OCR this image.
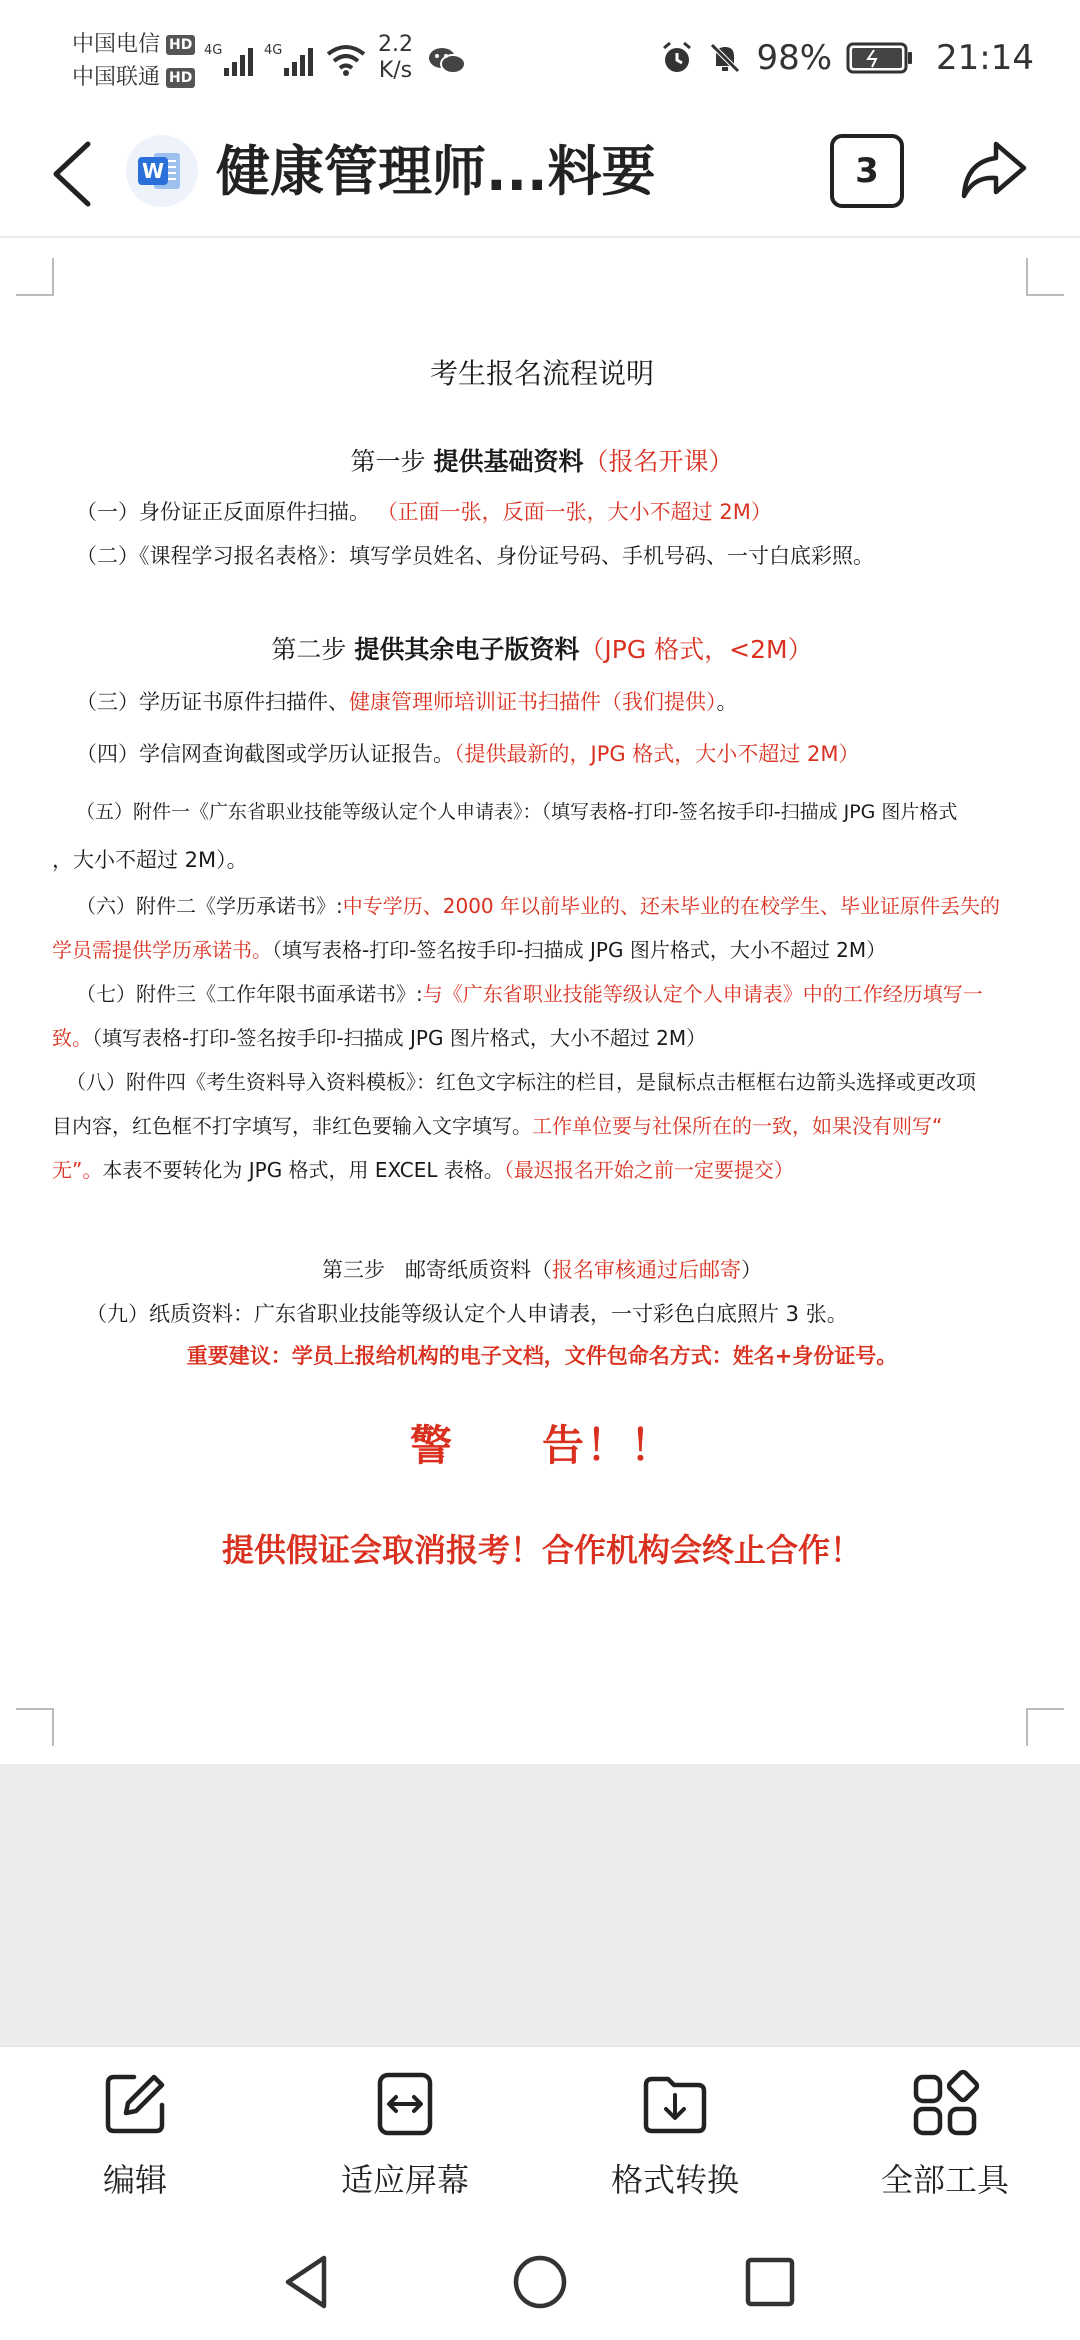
中国电信 HD
中国联通 HD
4G	4G	2.2
K/s	98%	21:14
W 健康管理师...料要	3
考生报名流程说明
第一步 提供基础资料（报名开课）
（一）身份证正反面原件扫描。 （正面一张，反面一张，大小不超过 2M）
（二）《课程学习报名表格》：填写学员姓名、身份证号码、手机号码、一寸白底彩照。
第二步 提供其余电子版资料（JPG 格式，<2M）
（三）学历证书原件扫描件、健康管理师培训证书扫描件（我们提供）。
（四）学信网查询截图或学历认证报告。（提供最新的，JPG 格式，大小不超过 2M）
（五）附件一《广东省职业技能等级认定个人申请表》：（填写表格-打印-签名按手印-扫描成 JPG 图片格式
，大小不超过 2M）。
（六）附件二《学历承诺书》:中专学历、2000 年以前毕业的、还未毕业的在校学生、毕业证原件丢失的
学员需提供学历承诺书。（填写表格-打印-签名按手印-扫描成 JPG 图片格式，大小不超过 2M）
（七）附件三《工作年限书面承诺书》:与《广东省职业技能等级认定个人申请表》中的工作经历填写一
致。（填写表格-打印-签名按手印-扫描成 JPG 图片格式，大小不超过 2M）
（八）附件四《考生资料导入资料模板》：红色文字标注的栏目，是鼠标点击框框右边箭头选择或更改项
目内容，红色框不打字填写，非红色要输入文字填写。工作单位要与社保所在的一致，如果没有则写“
无”。本表不要转化为 JPG 格式，用 EXCEL 表格。（最迟报名开始之前一定要提交）
第三步 邮寄纸质资料（报名审核通过后邮寄）
（九）纸质资料：广东省职业技能等级认定个人申请表，一寸彩色白底照片 3 张。
重要建议：学员上报给机构的电子文档，文件包命名方式：姓名+身份证号。
警　　告！！
提供假证会取消报考！合作机构会终止合作！
编辑	适应屏幕	格式转换	全部工具
